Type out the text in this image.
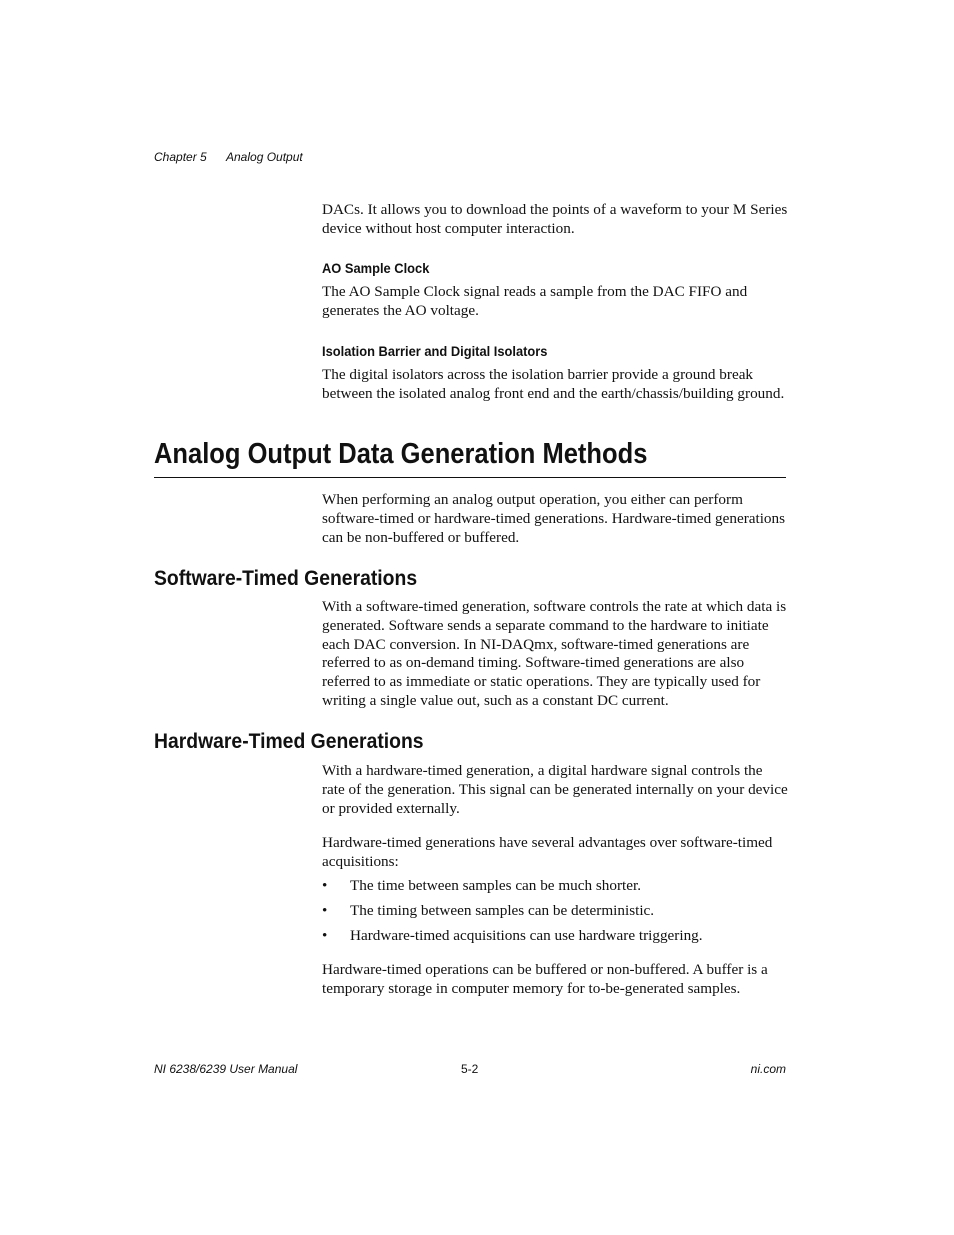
Chapter 5 Analog Output
DACs. It allows you to download the points of a waveform to your M Series device without host computer interaction.
AO Sample Clock
The AO Sample Clock signal reads a sample from the DAC FIFO and generates the AO voltage.
Isolation Barrier and Digital Isolators
The digital isolators across the isolation barrier provide a ground break between the isolated analog front end and the earth/chassis/building ground.
Analog Output Data Generation Methods
When performing an analog output operation, you either can perform software-timed or hardware-timed generations. Hardware-timed generations can be non-buffered or buffered.
Software-Timed Generations
With a software-timed generation, software controls the rate at which data is generated. Software sends a separate command to the hardware to initiate each DAC conversion. In NI-DAQmx, software-timed generations are referred to as on-demand timing. Software-timed generations are also referred to as immediate or static operations. They are typically used for writing a single value out, such as a constant DC current.
Hardware-Timed Generations
With a hardware-timed generation, a digital hardware signal controls the rate of the generation. This signal can be generated internally on your device or provided externally.
Hardware-timed generations have several advantages over software-timed acquisitions:
• The time between samples can be much shorter.
• The timing between samples can be deterministic.
• Hardware-timed acquisitions can use hardware triggering.
Hardware-timed operations can be buffered or non-buffered. A buffer is a temporary storage in computer memory for to-be-generated samples.
NI 6238/6239 User Manual	5-2	ni.com
